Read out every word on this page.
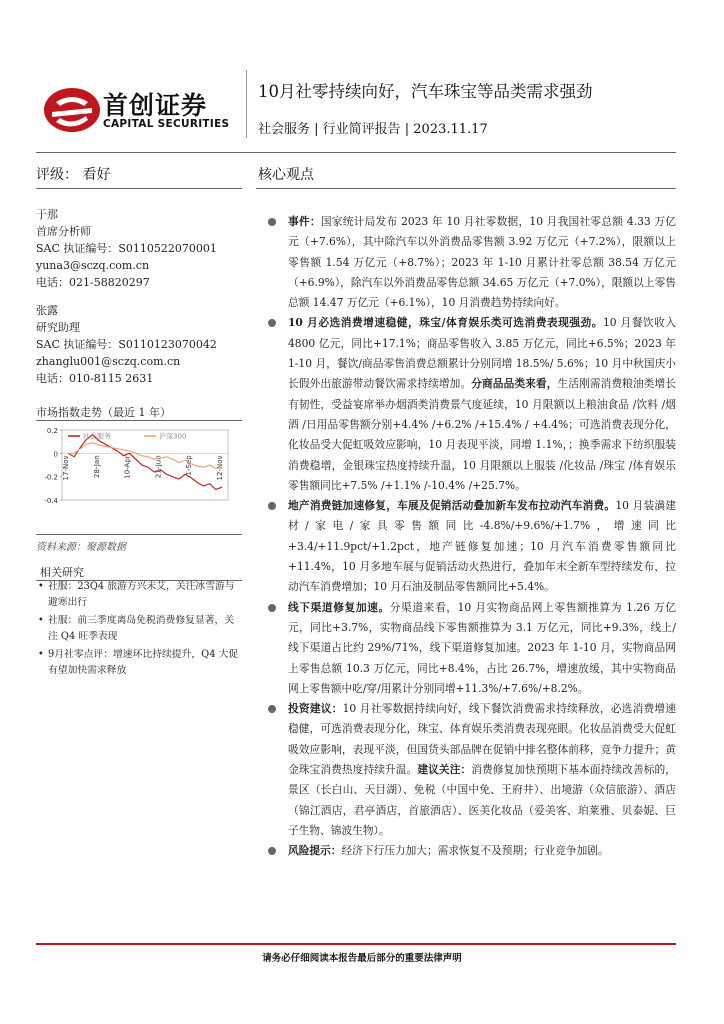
首创证券
CAPITAL SECURITIES
10月社零持续向好，汽车珠宝等品类需求强劲
社会服务 | 行业简评报告 | 2023.11.17
评级： 看好	核心观点
于那
首席分析师
SAC 执证编号：S0110522070001
yuna3@sczq.com.cn
电话：021-58820297
张露
研究助理
SAC 执证编号：S0110123070042
zhanglu001@sczq.com.cn
电话：010-8115 2631
市场指数走势（最近 1 年）
0.2
0
-0.2
-0.4
17-Nov	28-Jan	10-Apr	21-Jun	1-Sep	12-Nov
社会服务	沪深300
资料来源：聚源数据
相关研究
• 社服：23Q4 旅游方兴未艾，关注冰雪游与避寒出行
• 社服：前三季度离岛免税消费修复显著，关注 Q4 旺季表现
• 9月社零点评：增速环比持续提升，Q4 大促有望加快需求释放
事件：国家统计局发布 2023 年 10 月社零数据，10 月我国社零总额 4.33 万亿元（+7.6%），其中除汽车以外消费品零售额 3.92 万亿元（+7.2%），限额以上零售额 1.54 万亿元（+8.7%）；2023 年 1-10 月累计社零总额 38.54 万亿元（+6.9%），除汽车以外消费品零售总额 34.65 万亿元（+7.0%），限额以上零售总额 14.47 万亿元（+6.1%），10 月消费趋势持续向好。
10 月必选消费增速稳健，珠宝/体育娱乐类可选消费表现强劲。10 月餐饮收入 4800 亿元，同比+17.1%；商品零售收入 3.85 万亿元，同比+6.5%；2023 年 1-10 月，餐饮/商品零售消费总额累计分别同增 18.5%/ 5.6%；10 月中秋国庆小长假外出旅游带动餐饮需求持续增加。分商品品类来看，生活刚需消费粮油类增长有韧性，受益宴席举办烟酒类消费景气度延续，10 月限额以上粮油食品 /饮料 /烟酒 /日用品零售额分别+4.4% /+6.2% /+15.4% / +4.4%；可选消费表现分化，化妆品受大促虹吸效应影响，10 月表现平淡，同增 1.1%，；换季需求下纺织服装消费稳增，金银珠宝热度持续升温，10 月限额以上服装 /化妆品 /珠宝 /体育娱乐零售额同比+7.5% /+1.1% /-10.4% /+25.7%。
地产消费链加速修复，车展及促销活动叠加新车发布拉动汽车消费。10 月装潢建材/家电/家具零售额同比-4.8%/+9.6%/+1.7%，增速同比+3.4/+11.9pct/+1.2pct，地产链修复加速；10 月汽车消费零售额同比+11.4%，10 月多地车展与促销活动火热进行，叠加年末全新车型持续发布，拉动汽车消费增加；10 月石油及制品零售额同比+5.4%。
线下渠道修复加速。分渠道来看，10 月实物商品网上零售额推算为 1.26 万亿元，同比+3.7%，实物商品线下零售额推算为 3.1 万亿元，同比+9.3%，线上/线下渠道占比约 29%/71%，线下渠道修复加速。2023 年 1-10 月，实物商品网上零售总额 10.3 万亿元，同比+8.4%，占比 26.7%，增速放缓，其中实物商品网上零售额中吃/穿/用累计分别同增+11.3%/+7.6%/+8.2%。
投资建议：10 月社零数据持续向好，线下餐饮消费需求持续释放，必选消费增速稳健，可选消费表现分化，珠宝、体育娱乐类消费表现亮眼。化妆品消费受大促虹吸效应影响，表现平淡，但国货头部品牌在促销中排名整体前移，竞争力提升；黄金珠宝消费热度持续升温。建议关注：消费修复加快预期下基本面持续改善标的，景区（长白山、天目湖）、免税（中国中免、王府井）、出境游（众信旅游）、酒店（锦江酒店，君亭酒店，首旅酒店）、医美化妆品（爱美客、珀莱雅、贝泰妮、巨子生物、锦波生物）。
风险提示：经济下行压力加大；需求恢复不及预期；行业竞争加剧。
请务必仔细阅读本报告最后部分的重要法律声明
